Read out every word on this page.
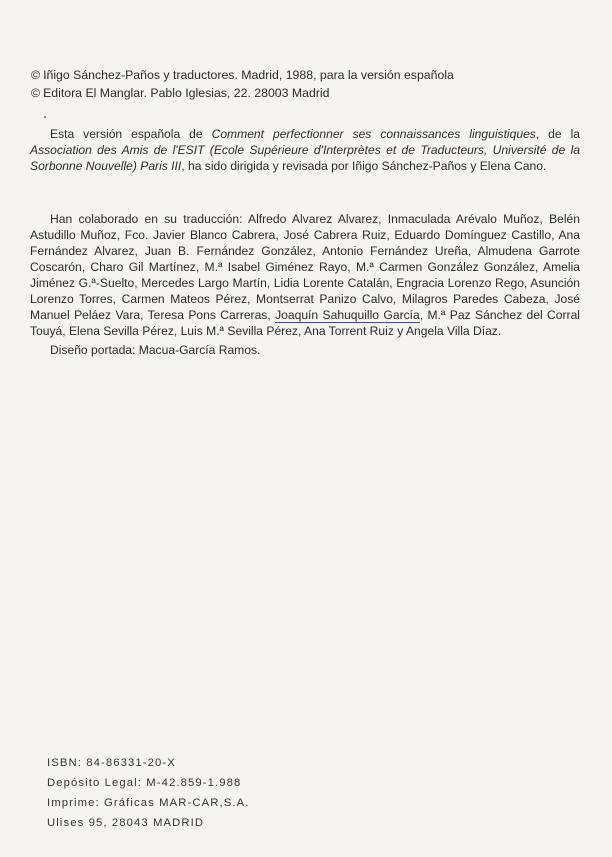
© Iñigo Sánchez-Paños y traductores. Madrid, 1988, para la versión española
© Editora El Manglar. Pablo Iglesias, 22. 28003 Madrid

Esta versión española de Comment perfectionner ses connaissances linguistiques, de la Association des Amis de l'ESIT (Ecole Supérieure d'Interprètes et de Traducteurs, Université de la Sorbonne Nouvelle) Paris III, ha sido dirigida y revisada por Iñigo Sánchez-Paños y Elena Cano.

Han colaborado en su traducción: Alfredo Alvarez Alvarez, Inmaculada Arévalo Muñoz, Belén Astudillo Muñoz, Fco. Javier Blanco Cabrera, José Cabrera Ruiz, Eduardo Domínguez Castillo, Ana Fernández Alvarez, Juan B. Fernández González, Antonio Fernández Ureña, Almudena Garrote Coscarón, Charo Gil Martínez, M.ª Isabel Giménez Rayo, M.ª Carmen González González, Amelia Jiménez G.ª-Suelto, Mercedes Largo Martín, Lidia Lorente Catalán, Engracia Lorenzo Rego, Asunción Lorenzo Torres, Carmen Mateos Pérez, Montserrat Panizo Calvo, Milagros Paredes Cabeza, José Manuel Peláez Vara, Teresa Pons Carreras, Joaquín Sahuquillo García, M.ª Paz Sánchez del Corral Touyá, Elena Sevilla Pérez, Luis M.ª Sevilla Pérez, Ana Torrent Ruiz y Angela Villa Díaz.

Diseño portada: Macua-García Ramos.

ISBN: 84-86331-20-X
Depósito Legal: M-42.859-1.988
Imprime: Gráficas MAR-CAR,S.A.
Ulises 95, 28043 MADRID
